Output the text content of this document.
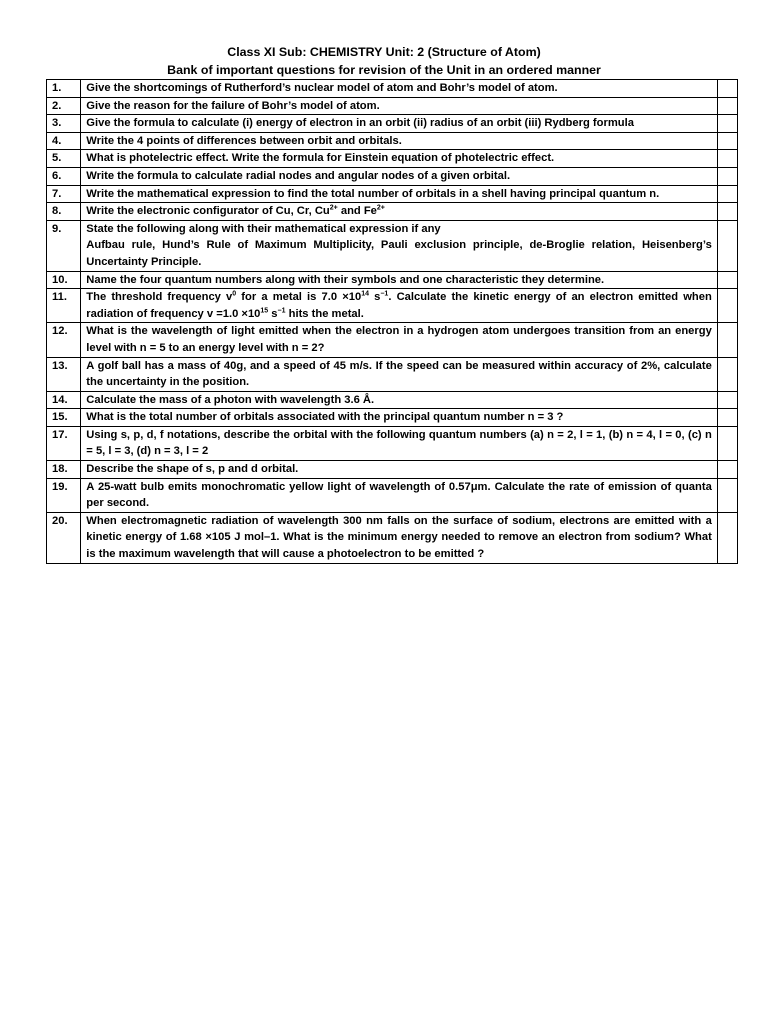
Class XI Sub: CHEMISTRY Unit: 2 (Structure of Atom)
Bank of important questions for revision of the Unit in an ordered manner
1.	Give the shortcomings of Rutherford’s nuclear model of atom and Bohr’s model of atom.	
2.	Give the reason for the failure of Bohr’s model of atom.	
3.	Give the formula to calculate (i) energy of electron in an orbit (ii) radius of an orbit (iii) Rydberg formula	
4.	Write the 4 points of differences between orbit and orbitals.	
5.	What is photelectric effect. Write the formula for Einstein equation of photelectric effect.	
6.	Write the formula to calculate radial nodes and angular nodes of a given orbital.	
7.	Write the mathematical expression to find the total number of orbitals in a shell having principal quantum n.	
8.	Write the electronic configurator of Cu, Cr, $Cu^{2+}$ and $Fe^{2+}$	
9.	State the following along with their mathematical expression if any
Aufbau rule, Hund’s Rule of Maximum Multiplicity, Pauli exclusion principle, de-Broglie relation, Heisenberg’s Uncertainty Principle.	
10.	Name the four quantum numbers along with their symbols and one characteristic they determine.	
11.	The threshold frequency $v^0$ for a metal is $7.0 \times 10^{14}$ $s^{-1}$. Calculate the kinetic energy of an electron emitted when radiation of frequency $v =1.0 \times 10^{15}$ $s^{-1}$ hits the metal.	
12.	What is the wavelength of light emitted when the electron in a hydrogen atom undergoes transition from an energy level with n = 5 to an energy level with n = 2?	
13.	A golf ball has a mass of 40g, and a speed of 45 m/s. If the speed can be measured within accuracy of 2%, calculate the uncertainty in the position.	
14.	Calculate the mass of a photon with wavelength 3.6 Å.	
15.	What is the total number of orbitals associated with the principal quantum number n = 3 ?	
17.	Using s, p, d, f notations, describe the orbital with the following quantum numbers (a) n = 2, l = 1, (b) n = 4, l = 0, (c) n = 5, l = 3, (d) n = 3, l = 2	
18.	Describe the shape of s, p and d orbital.	
19.	A 25-watt bulb emits monochromatic yellow light of wavelength of 0.57μm. Calculate the rate of emission of quanta per second.	
20.	When electromagnetic radiation of wavelength 300 nm falls on the surface of sodium, electrons are emitted with a kinetic energy of 1.68 ×105 J mol–1. What is the minimum energy needed to remove an electron from sodium? What is the maximum wavelength that will cause a photoelectron to be emitted ?	
